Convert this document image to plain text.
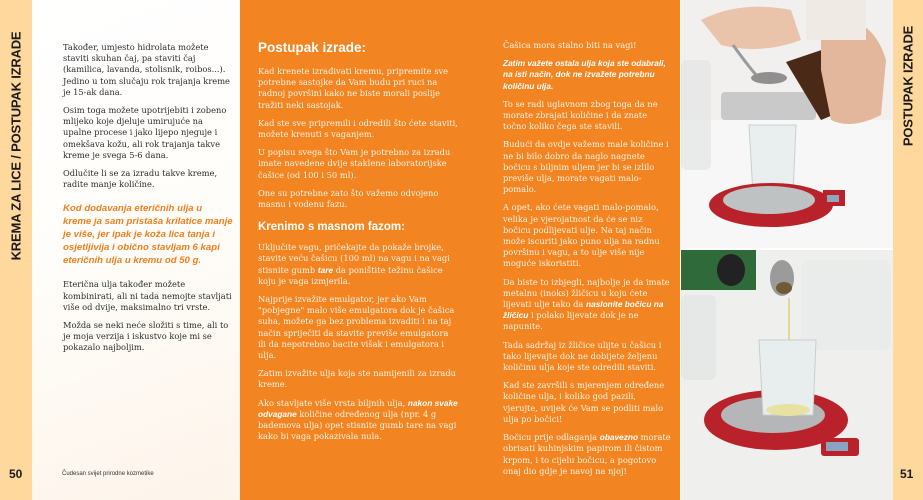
KREMA ZA LICE / POSTUPAK IZRADE
50

Također, umjesto hidrolata možete staviti skuhan čaj, pa staviti čaj (kamilica, lavanda, stolisnik, roibos...). Jedino u tom slučaju rok trajanja kreme je 15-ak dana.

Osim toga možete upotrijebiti i zobeno mlijeko koje djeluje umirujuće na upalne procese i jako lijepo njeguje i omekšava kožu, ali rok trajanja takve kreme je svega 5-6 dana.

Odlučite li se za izradu takve kreme, radite manje količine.

Kod dodavanja eteričnih ulja u kreme ja sam pristaša krilatice manje je više, jer ipak je koža lica tanja i osjetljivija i obično stavljam 6 kapi eteričnih ulja u kremu od 50 g.

Eterična ulja također možete kombinirati, ali ni tada nemojte stavljati više od dvije, maksimalno tri vrste.

Možda se neki neće složiti s time, ali to je moja verzija i iskustvo koje mi se pokazalo najboljim.

Čudesan svijet prirodne kozmetike
Postupak izrade:

Kad krenete izrađivati kremu, pripremite sve potrebne sastojke da Vam budu pri ruci na radnoj površini kako ne biste morali poslije tražiti neki sastojak.

Kad ste sve pripremili i odredili što ćete staviti, možete krenuti s vaganjem.

U popisu svega što Vam je potrebno za izradu imate navedene dvije staklene laboratorijske čašice (od 100 i 50 ml).

One su potrebne zato što važemo odvojeno masnu i vodenu fazu.

Krenimo s masnom fazom:

Uključite vagu, pričekajte da pokaže brojke, stavite veću čašicu (100 ml) na vagu i na vagi stisnite gumb tare da poništite težinu čašice koju je vaga izmjerila.

Najprije izvažite emulgator, jer ako Vam "pobjegne" malo više emulgatora dok je čašica suha, možete ga bez problema izvaditi i na taj način spriječiti da stavite previše emulgatora ili da nepotrebno bacite višak i emulgatora i ulja.

Zatim izvažite ulja koja ste namijenili za izradu kreme.

Ako stavljate više vrsta biljnih ulja, nakon svake odvagane količine određenog ulja (npr. 4 g bademova ulja) opet stisnite gumb tare na vagi kako bi vaga pokazivala nula.

Čašica mora stalno biti na vagi!

Zatim važete ostala ulja koja ste odabrali, na isti način, dok ne izvažete potrebnu količinu ulja.

To se radi uglavnom zbog toga da ne morate zbrajati količine i da znate točno koliko čega ste stavili.

Budući da ovdje važemo male količine i ne bi bilo dobro da naglo nagnete bočicu s biljnim uljem jer bi se izlilo previše ulja, morate vagati malo-pomalo.

A opet, ako ćete vagati malo-pomalo, velika je vjerojatnost da će se niz bočicu podlijevati ulje. Na taj način može iscuriti jako puno ulja na radnu površinu i vagu, a to ulje više nije moguće iskoristiti.

Da biste to izbjegli, najbolje je da imate metalnu (inoks) žličicu u koju ćete lijevati ulje tako da naslonite bočicu na žličicu i polako lijevate dok je ne napunite.

Tada sadržaj iz žličice ulijte u čašicu i tako lijevajte dok ne dobijete željenu količinu ulja koje ste odredili staviti.

Kad ste završili s mjerenjem određene količine ulja, i koliko god pazili, vjerujte, uvijek će Vam se podliti malo ulja po bočici!

Bočicu prije odlaganja obavezno morate obrisati kuhinjskim papirom ili čistom krpom, i to cijelu bočicu, a pogotovo onaj dio gdje je navoj na njoj!

POSTUPAK IZRADE
51
